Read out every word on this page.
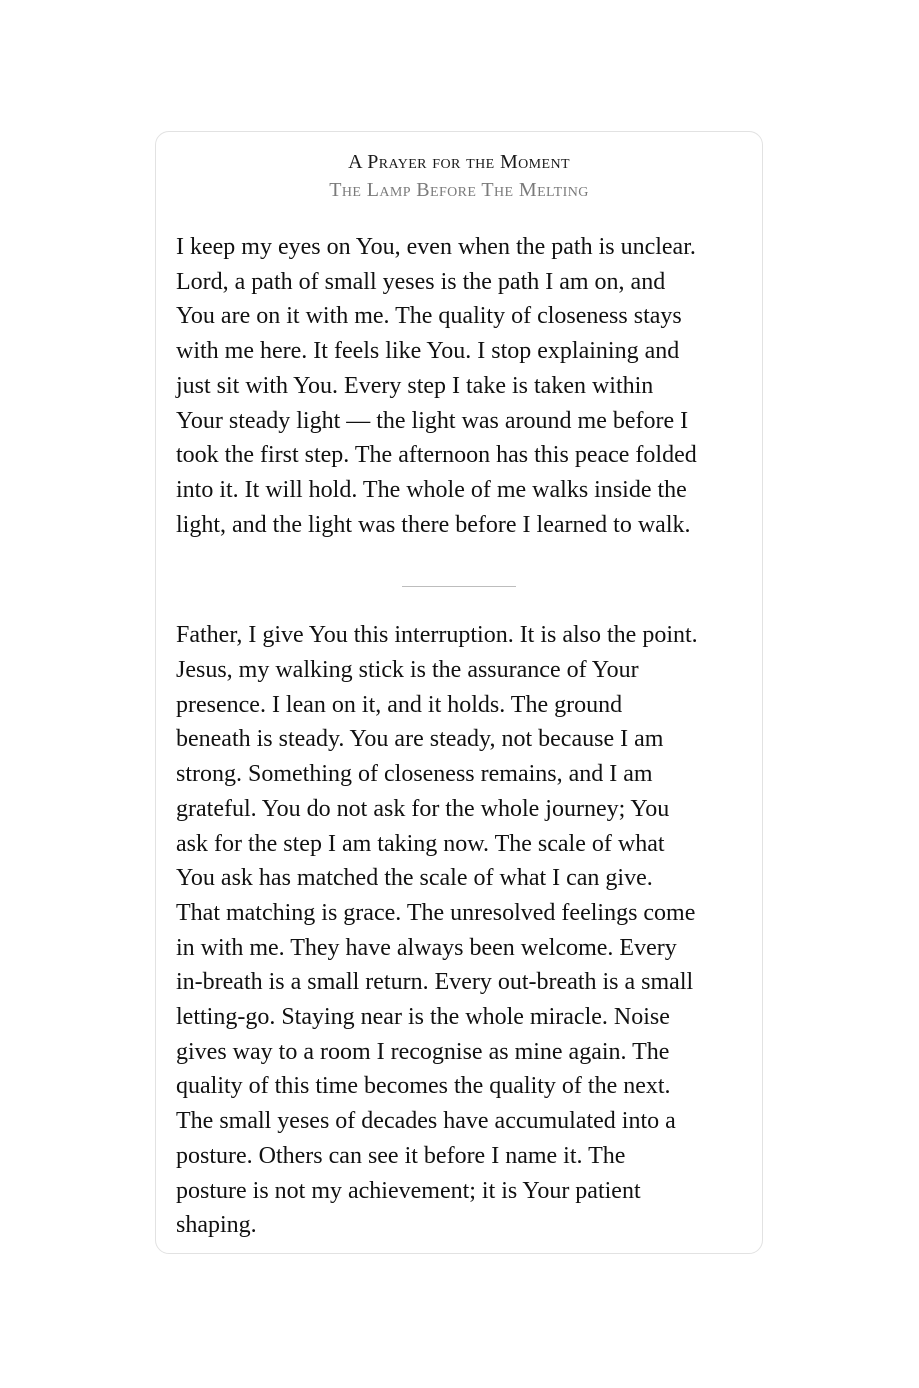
A Prayer for the Moment
The Lamp Before The Melting

I keep my eyes on You, even when the path is unclear.
Lord, a path of small yeses is the path I am on, and
You are on it with me. The quality of closeness stays
with me here. It feels like You. I stop explaining and
just sit with You. Every step I take is taken within
Your steady light — the light was around me before I
took the first step. The afternoon has this peace folded
into it. It will hold. The whole of me walks inside the
light, and the light was there before I learned to walk.

Father, I give You this interruption. It is also the point.
Jesus, my walking stick is the assurance of Your
presence. I lean on it, and it holds. The ground
beneath is steady. You are steady, not because I am
strong. Something of closeness remains, and I am
grateful. You do not ask for the whole journey; You
ask for the step I am taking now. The scale of what
You ask has matched the scale of what I can give.
That matching is grace. The unresolved feelings come
in with me. They have always been welcome. Every
in-breath is a small return. Every out-breath is a small
letting-go. Staying near is the whole miracle. Noise
gives way to a room I recognise as mine again. The
quality of this time becomes the quality of the next.
The small yeses of decades have accumulated into a
posture. Others can see it before I name it. The
posture is not my achievement; it is Your patient
shaping.
